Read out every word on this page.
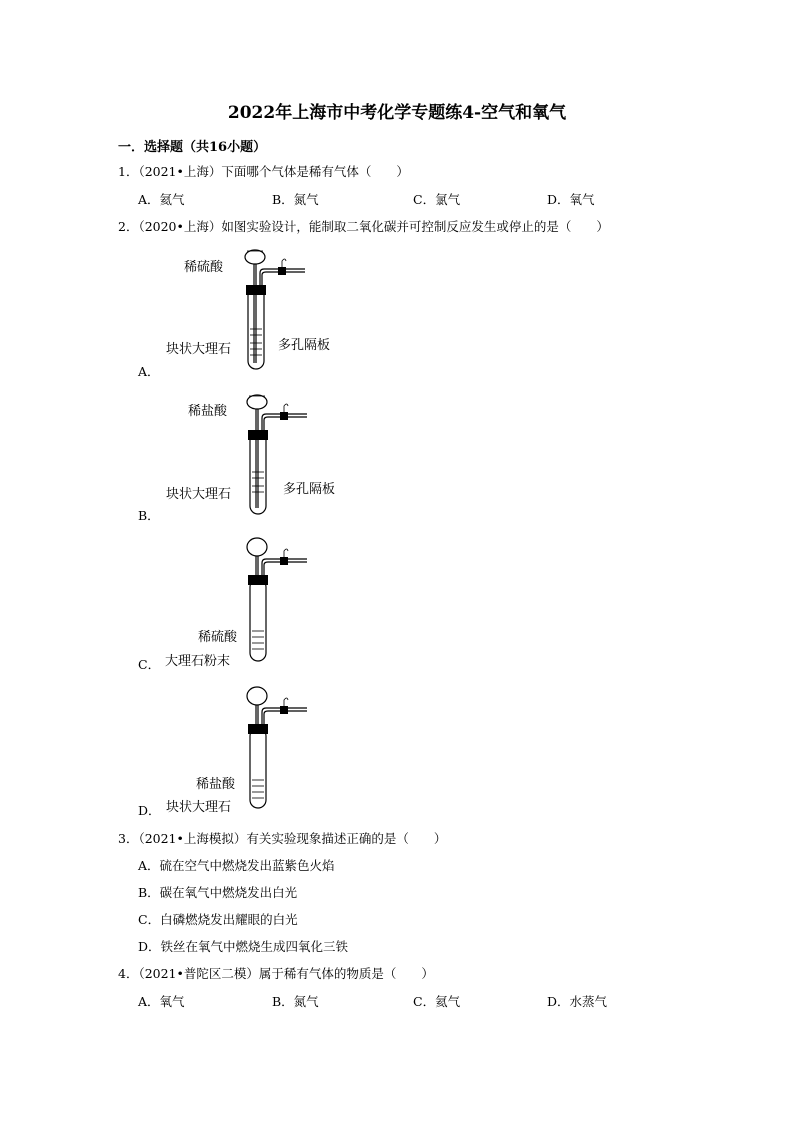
2022年上海市中考化学专题练4-空气和氧气
一．选择题（共16小题）
1．（2021•上海）下面哪个气体是稀有气体（　　）
A．氦气	B．氮气	C．氯气	D．氧气
2．（2020•上海）如图实验设计，能制取二氧化碳并可控制反应发生或停止的是（　　）
A．
稀硫酸
块状大理石	多孔隔板
B．
稀盐酸
块状大理石	多孔隔板
C．
稀硫酸
大理石粉末
D．
稀盐酸
块状大理石
3．（2021•上海模拟）有关实验现象描述正确的是（　　）
A．硫在空气中燃烧发出蓝紫色火焰
B．碳在氧气中燃烧发出白光
C．白磷燃烧发出耀眼的白光
D．铁丝在氧气中燃烧生成四氧化三铁
4．（2021•普陀区二模）属于稀有气体的物质是（　　）
A．氧气	B．氮气	C．氦气	D．水蒸气
